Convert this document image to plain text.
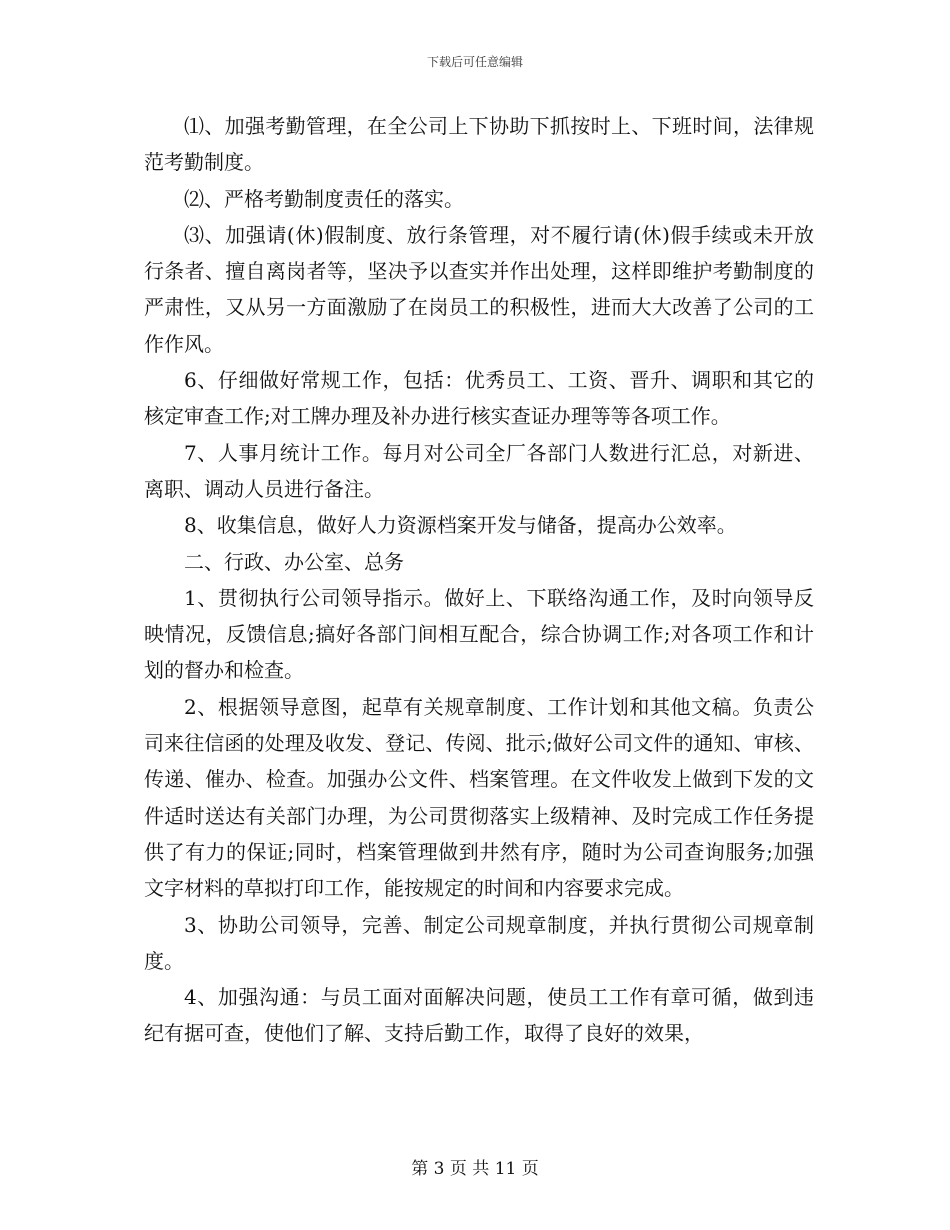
下载后可任意编辑

⑴、加强考勤管理，在全公司上下协助下抓按时上、下班时间，法律规范考勤制度。

⑵、严格考勤制度责任的落实。

⑶、加强请(休)假制度、放行条管理，对不履行请(休)假手续或未开放行条者、擅自离岗者等，坚决予以查实并作出处理，这样即维护考勤制度的严肃性，又从另一方面激励了在岗员工的积极性，进而大大改善了公司的工作作风。

6、仔细做好常规工作，包括：优秀员工、工资、晋升、调职和其它的核定审查工作;对工牌办理及补办进行核实查证办理等等各项工作。

7、人事月统计工作。每月对公司全厂各部门人数进行汇总，对新进、离职、调动人员进行备注。

8、收集信息，做好人力资源档案开发与储备，提高办公效率。

二、行政、办公室、总务

1、贯彻执行公司领导指示。做好上、下联络沟通工作，及时向领导反映情况，反馈信息;搞好各部门间相互配合，综合协调工作;对各项工作和计划的督办和检查。

2、根据领导意图，起草有关规章制度、工作计划和其他文稿。负责公司来往信函的处理及收发、登记、传阅、批示;做好公司文件的通知、审核、传递、催办、检查。加强办公文件、档案管理。在文件收发上做到下发的文件适时送达有关部门办理，为公司贯彻落实上级精神、及时完成工作任务提供了有力的保证;同时，档案管理做到井然有序，随时为公司查询服务;加强文字材料的草拟打印工作，能按规定的时间和内容要求完成。

3、协助公司领导，完善、制定公司规章制度，并执行贯彻公司规章制度。

4、加强沟通：与员工面对面解决问题，使员工工作有章可循，做到违纪有据可查，使他们了解、支持后勤工作，取得了良好的效果，

第 3 页 共 11 页
